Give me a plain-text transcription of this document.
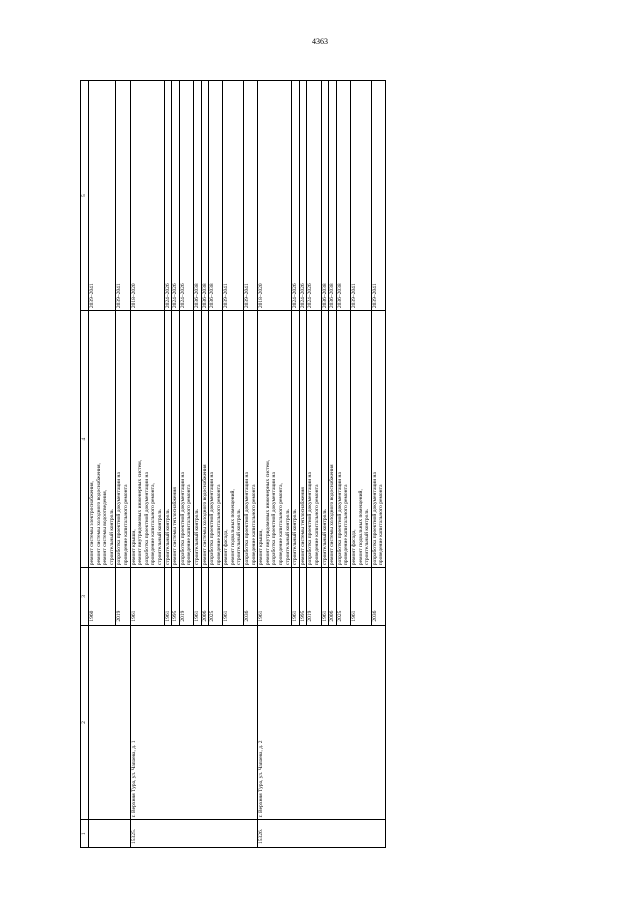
4363
1	2	3	4	5
		1960	ремонт системы электроснабжения,
ремонт системы холодного водоснабжения,
ремонт системы водоотведения,
строительный контроль	2039–2041
		2019	разработка проектной документации на
проведение капитального ремонта	2039–2041
15325.	г. Верхняя Тура, ул. Чапаева, д. 1	1961	ремонт крыши,
ремонт внутридомовых инженерных систем,
разработка проектной документации на
проведение капитального ремонта,
строительный контроль	2018–2020
		1961	строительный контроль	2024–2026
		1995	ремонт системы теплоснабжения	2024–2026
		2019	разработка проектной документации на
проведение капитального ремонта	2024–2026
		1961	строительный контроль	2036–2038
		2006	ремонт системы холодного водоснабжения	2036–2038
		2025	разработка проектной документации на
проведение капитального ремонта	2036–2038
		1961	ремонт фасада,
ремонт подвальных помещений,
строительный контроль	2039–2041
		2036	разработка проектной документации на
проведение капитального ремонта	2039–2041
15326.	г. Верхняя Тура, ул. Чапаева, д. 2	1961	ремонт крыши,
ремонт внутридомовых инженерных систем,
разработка проектной документации на
проведение капитального ремонта,
строительный контроль	2018–2020
		1961	строительный контроль	2024–2026
		1995	ремонт системы теплоснабжения	2024–2026
		2019	разработка проектной документации на
проведение капитального ремонта	2024–2026
		1961	строительный контроль	2036–2038
		2006	ремонт системы холодного водоснабжения	2036–2038
		2025	разработка проектной документации на
проведение капитального ремонта	2036–2038
		1961	ремонт фасада,
ремонт подвальных помещений,
строительный контроль	2039–2041
		2036	разработка проектной документации на
проведение капитального ремонта	2039–2041
